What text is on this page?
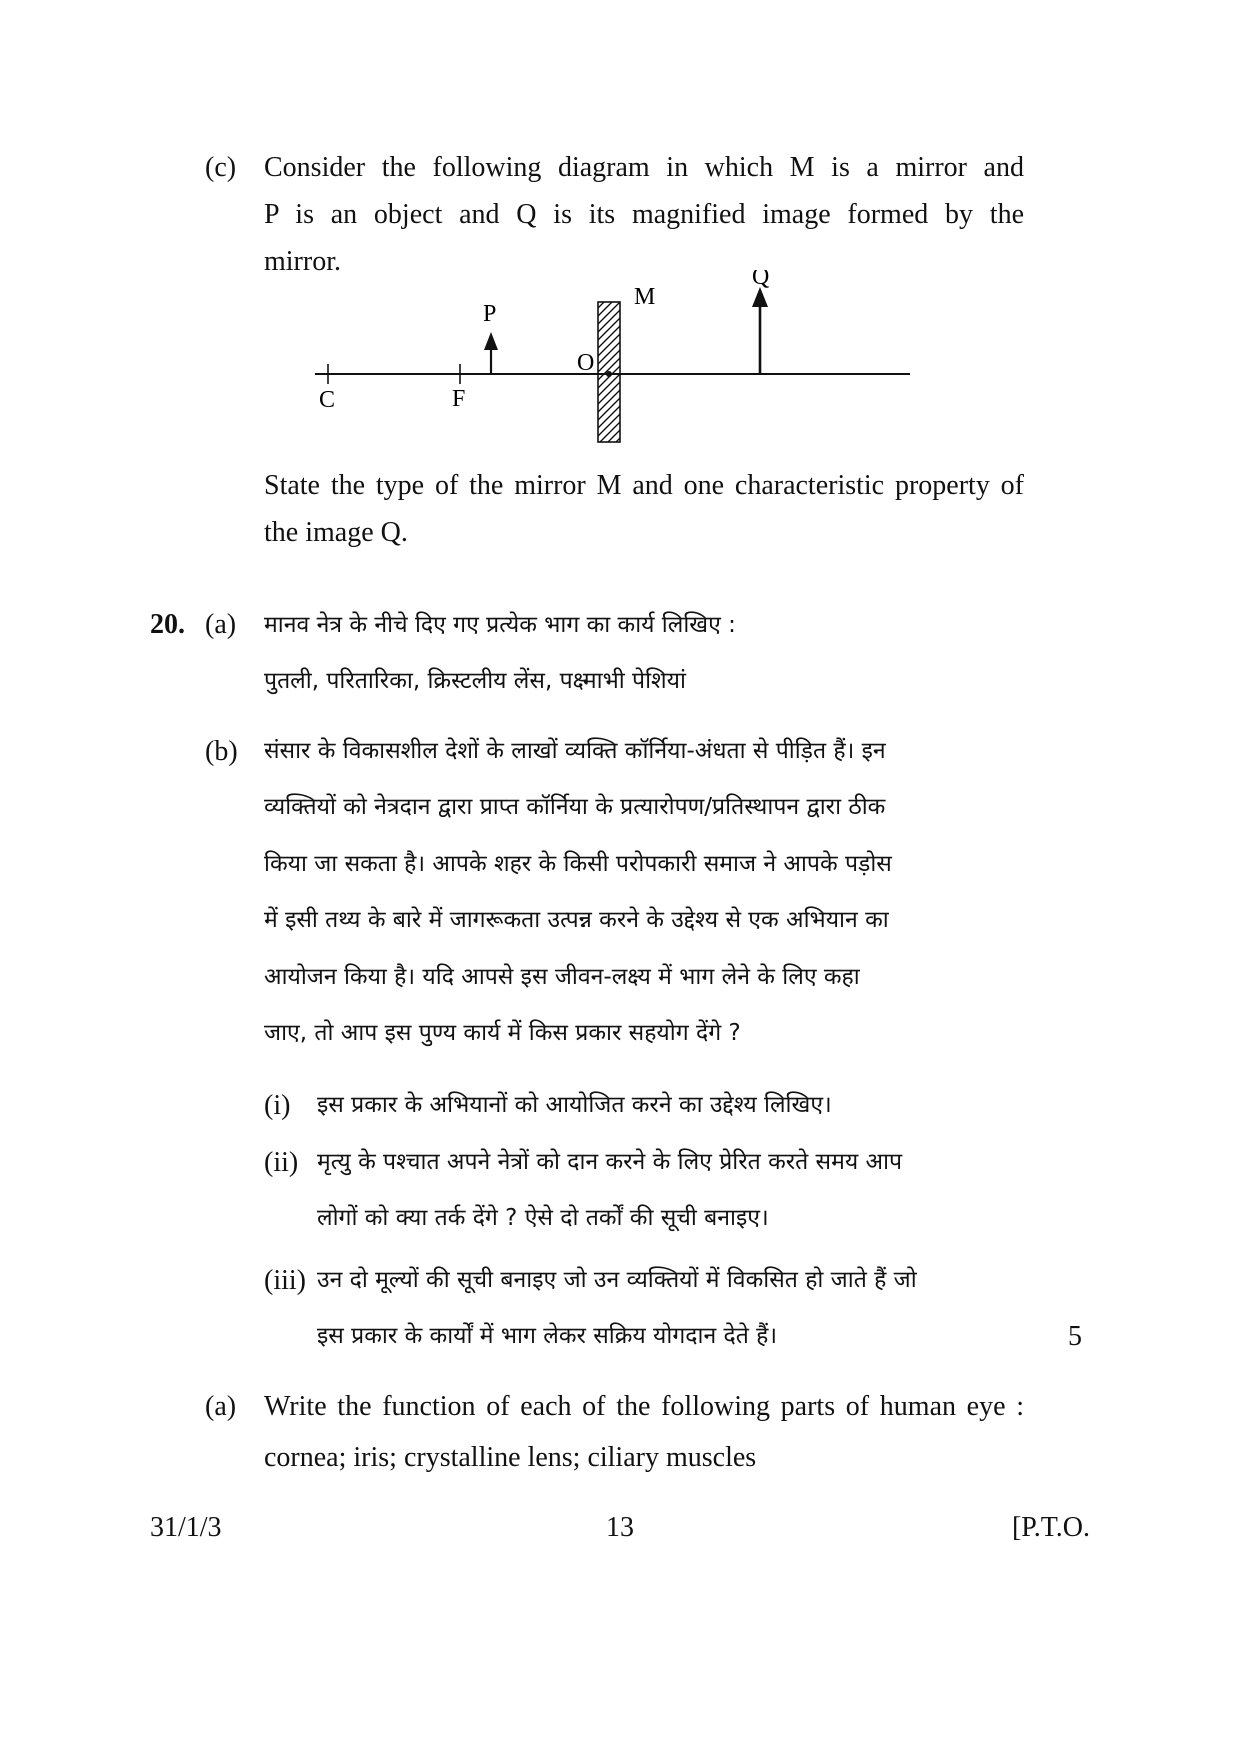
(c) Consider the following diagram in which M is a mirror and
P is an object and Q is its magnified image formed by the
mirror.
C	F
P
O
M
Q
State the type of the mirror M and one characteristic property of
the image Q.
20. (a) मानव नेत्र के नीचे दिए गए प्रत्येक भाग का कार्य लिखिए :
पुतली, परितारिका, क्रिस्टलीय लेंस, पक्ष्माभी पेशियां
(b) संसार के विकासशील देशों के लाखों व्यक्ति कॉर्निया-अंधता से पीड़ित हैं। इन
व्यक्तियों को नेत्रदान द्वारा प्राप्त कॉर्निया के प्रत्यारोपण/प्रतिस्थापन द्वारा ठीक
किया जा सकता है। आपके शहर के किसी परोपकारी समाज ने आपके पड़ोस
में इसी तथ्य के बारे में जागरूकता उत्पन्न करने के उद्देश्य से एक अभियान का
आयोजन किया है। यदि आपसे इस जीवन-लक्ष्य में भाग लेने के लिए कहा
जाए, तो आप इस पुण्य कार्य में किस प्रकार सहयोग देंगे ?
(i) इस प्रकार के अभियानों को आयोजित करने का उद्देश्य लिखिए।
(ii) मृत्यु के पश्चात अपने नेत्रों को दान करने के लिए प्रेरित करते समय आप
लोगों को क्या तर्क देंगे ? ऐसे दो तर्कों की सूची बनाइए।
(iii) उन दो मूल्यों की सूची बनाइए जो उन व्यक्तियों में विकसित हो जाते हैं जो
इस प्रकार के कार्यों में भाग लेकर सक्रिय योगदान देते हैं।	5
(a) Write the function of each of the following parts of human eye :
cornea; iris; crystalline lens; ciliary muscles
31/1/3	13	[P.T.O.
